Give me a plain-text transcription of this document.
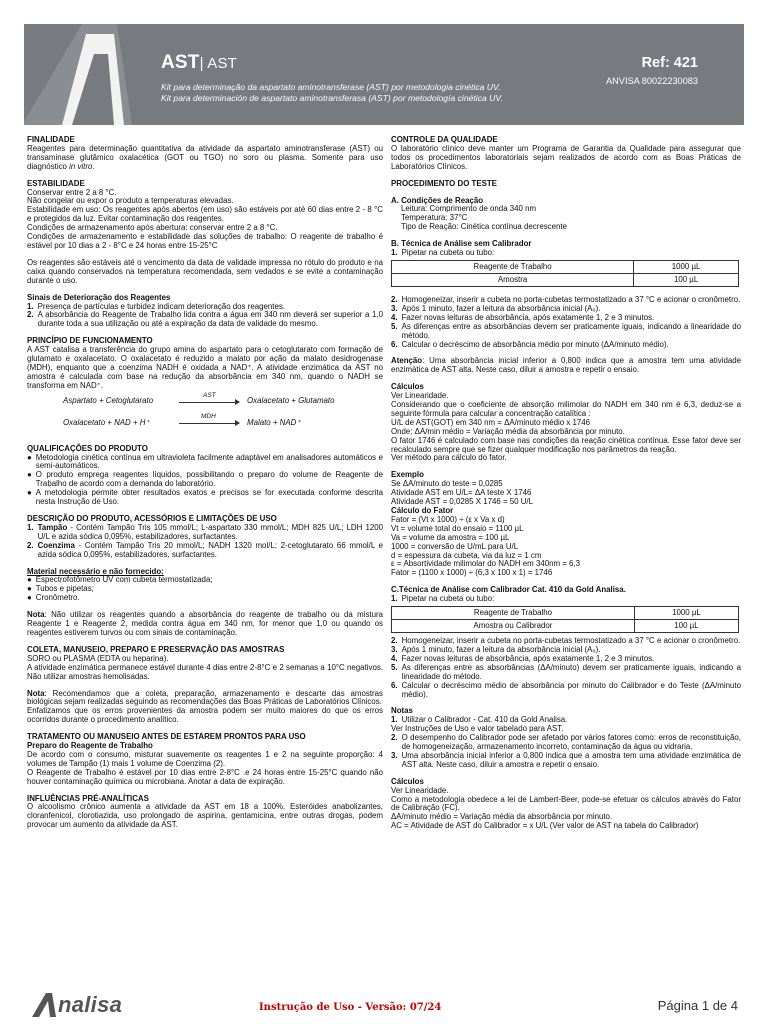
AST| AST
Kit para determinação da aspartato aminotransferase (AST) por metodologia cinética UV.
Kit para determinación de aspartato aminotransferasa (AST) por metodología cinética UV.
Ref: 421
ANVISA 80022230083

FINALIDADE

Reagentes para determinação quantitativa da atividade da aspartato aminotransferase (AST) ou transaminase glutâmico oxalacética (GOT ou TGO) no soro ou plasma. Somente para uso diagnóstico in vitro.

ESTABILIDADE

Conservar entre 2 a 8 °C.

Não congelar ou expor o produto a temperaturas elevadas.

Estabilidade em uso: Os reagentes após abertos (em uso) são estáveis por até 60 dias entre 2 - 8 °C e protegidos da luz. Evitar contaminação dos reagentes.

Condições de armazenamento após abertura: conservar entre 2 a 8 °C.

Condições de armazenamento e estabilidade das soluções de trabalho: O reagente de trabalho é estável por 10 dias a 2 - 8°C e 24 horas entre 15-25°C

Os reagentes são estáveis até o vencimento da data de validade impressa no rótulo do produto e na caixa quando conservados na temperatura recomendada, sem vedados e se evite a contaminação durante o uso.

Sinais de Deterioração dos Reagentes

1. Presença de partículas e turbidez indicam deterioração dos reagentes.
2. A absorbância do Reagente de Trabalho lida contra a água em 340 nm deverá ser superior a 1,0 durante toda a sua utilização ou até a expiração da data de validade do mesmo.

PRINCÍPIO DE FUNCIONAMENTO

A AST catalisa a transferência do grupo amina do aspartato para o cetoglutarato com formação de glutamato e oxalacetato. O oxalacetato é reduzido a malato por ação da malato desidrogenase (MDH), enquanto que a coenzima NADH é oxidada a NAD⁺. A atividade enzimática da AST no amostra é calculada com base na redução da absorbância em 340 nm, quando o NADH se transforma em NAD⁺.

Aspartato + Cetoglutarato
AST
Oxalacetato + Glutamato
Oxalacetato + NAD + H⁺
MDH
Malato + NAD⁺

QUALIFICAÇÕES DO PRODUTO

● Metodologia cinética contínua em ultravioleta facilmente adaptável em analisadores automáticos e semi-automáticos.
● O produto emprega reagentes líquidos, possibilitando o preparo do volume de Reagente de Trabalho de acordo com a demanda do laboratório.
● A metodologia permite obter resultados exatos e precisos se for executada conforme descrita nesta Instrução de Uso.

DESCRIÇÃO DO PRODUTO, ACESSÓRIOS E LIMITAÇÕES DE USO

1. Tampão - Contém Tampão Tris 105 mmol/L; L-aspartato 330 mmol/L; MDH 825 U/L; LDH 1200 U/L e azida sódica 0,095%, estabilizadores, surfactantes.
2. Coenzima - Contém Tampão Tris 20 mmol/L; NADH 1320 mol/L; 2-cetoglutarato 66 mmol/L e azida sódica 0,095%, estabilizadores, surfactantes.

Material necessário e não fornecido:

● Espectrofotômetro UV com cubeta termostatizada;
● Tubos e pipetas;
● Cronômetro.

Nota: Não utilizar os reagentes quando a absorbância do reagente de trabalho ou da mistura Reagente 1 e Reagente 2, medida contra água em 340 nm, for menor que 1,0 ou quando os reagentes estiverem turvos ou com sinais de contaminação.

COLETA, MANUSEIO, PREPARO E PRESERVAÇÃO DAS AMOSTRAS

SORO ou PLASMA (EDTA ou heparina).

A atividade enzimática permanece estável durante 4 dias entre 2-8°C e 2 semanas a 10°C negativos. Não utilizar amostras hemolisadas.

Nota: Recomendamos que a coleta, preparação, armazenamento e descarte das amostras biológicas sejam realizadas seguindo as recomendações das Boas Práticas de Laboratórios Clínicos.

Enfatizamos que os erros provenientes da amostra podem ser muito maiores do que os erros ocorridos durante o procedimento analítico.

TRATAMENTO OU MANUSEIO ANTES DE ESTAREM PRONTOS PARA USO

Preparo do Reagente de Trabalho

De acordo com o consumo, misturar suavemente os reagentes 1 e 2 na seguinte proporção: 4 volumes de Tampão (1) mais 1 volume de Coenzima (2).

O Reagente de Trabalho é estável por 10 dias entre 2-8°C .e 24 horas entre 15-25°C quando não houver contaminação química ou microbiana. Anotar a data de expiração.

INFLUÊNCIAS PRÉ-ANALÍTICAS

O alcoolismo crônico aumenta a atividade da AST em 18 a 100%. Esteróides anabolizantes, cloranfenicol, clorotiazida, uso prolongado de aspirina, gentamicina, entre outras drogas, podem provocar um aumento da atividade da AST.

CONTROLE DA QUALIDADE

O laboratório clínico deve manter um Programa de Garantia da Qualidade para assegurar que todos os procedimentos laboratoriais sejam realizados de acordo com as Boas Práticas de Laboratórios Clínicos.

PROCEDIMENTO DO TESTE

A. Condições de Reação

Leitura: Comprimento de onda 340 nm

Temperatura: 37°C

Tipo de Reação: Cinética contínua decrescente

B. Técnica de Análise sem Calibrador

1. Pipetar na cubeta ou tubo:
Reagente de Trabalho	1000 µL
Amostra	100 µL
2. Homogeneizar, inserir a cubeta no porta-cubetas termostatizado a 37 °C e acionar o cronômetro.
3. Após 1 minuto, fazer a leitura da absorbância inicial (A₀).
4. Fazer novas leituras de absorbância, após exatamente 1, 2 e 3 minutos.
5. As diferenças entre as absorbâncias devem ser praticamente iguais, indicando a linearidade do método.
6. Calcular o decréscimo de absorbância médio por minuto (ΔA/minuto médio).

Atenção: Uma absorbância inicial inferior a 0,800 indica que a amostra tem uma atividade enzimática de AST alta. Neste caso, diluir a amostra e repetir o ensaio.

Cálculos

Ver Linearidade.

Considerando que o coeficiente de absorção milimolar do NADH em 340 nm é 6,3, deduz-se a seguinte fórmula para calcular a concentração catalítica :

U/L de AST(GOT) em 340 nm = ΔA/minuto médio x 1746

Onde: ΔA/min médio = Variação média da absorbância por minuto.

O fator 1746 é calculado com base nas condições da reação cinética contínua. Esse fator deve ser recalculado sempre que se fizer qualquer modificação nos parâmetros da reação.

Ver método para cálculo do fator.

Exemplo

Se ΔA/minuto do teste = 0,0285

Atividade AST em U/L= ΔA teste X 1746

Atividade AST = 0,0285 X 1746 = 50 U/L

Cálculo do Fator

Fator = (Vt x 1000) ÷ (ε x Va x d)

Vt = volume total do ensaio = 1100 µL

Va = volume da amostra = 100 µL

1000 = conversão de U/mL para U/L

d = espessura da cubeta, via da luz = 1 cm

ε = Absortividade milimolar do NADH em 340nm = 6,3

Fator = (1100 x 1000) ÷ (6,3 x 100 x 1) = 1746

C.Técnica de Análise com Calibrador Cat. 410 da Gold Analisa.

1. Pipetar na cubeta ou tubo:
Reagente de Trabalho	1000 µL
Amostra ou Calibrador	100 µL
2. Homogeneizar, inserir a cubeta no porta-cubetas termostatizado a 37 °C e acionar o cronômetro.
3. Após 1 minuto, fazer a leitura da absorbância inicial (A₀).
4. Fazer novas leituras de absorbância, após exatamente 1, 2 e 3 minutos.
5. As diferenças entre as absorbâncias (ΔA/minuto) devem ser praticamente iguais, indicando a linearidade do método.
6. Calcular o decréscimo médio de absorbância por minuto do Calibrador e do Teste (ΔA/minuto médio).

Notas

1. Utilizar o Calibrador - Cat. 410 da Gold Analisa.

Ver Instruções de Uso e valor tabelado para AST.

2. O desempenho do Calibrador pode ser afetado por vários fatores como: erros de reconstituição, de homogeneização, armazenamento incorreto, contaminação da água ou vidraria.
3. Uma absorbância inicial inferior a 0,800 indica que a amostra tem uma atividade enzimática de AST alta. Neste caso, diluir a amostra e repetir o ensaio.

Cálculos

Ver Linearidade.

Como a metodologia obedece a lei de Lambert-Beer, pode-se efetuar os cálculos através do Fator de Calibração (FC).

ΔA/minuto médio = Variação média da absorbância por minuto.

AC = Atividade de AST do Calibrador = x U/L (Ver valor de AST na tabela do Calibrador)

nalisa	Instrução de Uso - Versão: 07/24	Página 1 de 4
